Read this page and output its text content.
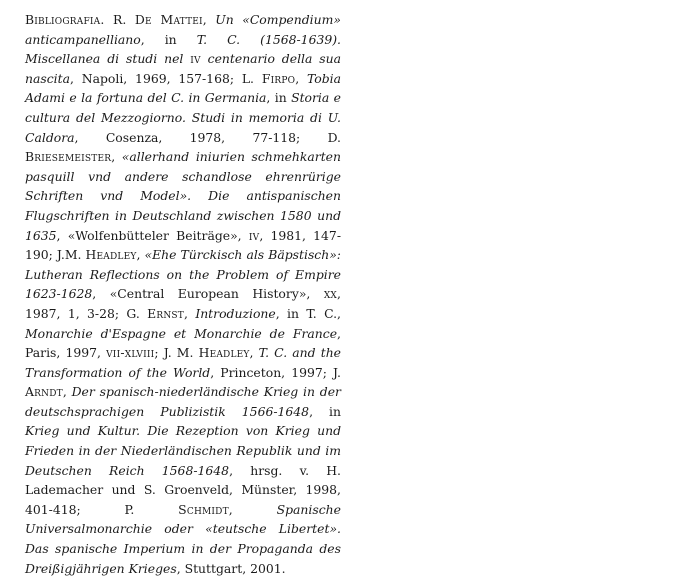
Bibliografia. R. De Mattei, Un «Compendium» anticampanelliano, in T. C. (1568-1639). Miscellanea di studi nel iv centenario della sua nascita, Napoli, 1969, 157-168; L. Firpo, Tobia Adami e la fortuna del C. in Germania, in Storia e cultura del Mezzogiorno. Studi in memoria di U. Caldora, Cosenza, 1978, 77-118; D. Briesemeister, «allerhand iniurien schmehkarten pasquill vnd andere schandlose ehrenrürige Schriften vnd Model». Die antispanischen Flugschriften in Deutschland zwischen 1580 und 1635, «Wolfenbütteler Beiträge», iv, 1981, 147-190; J.M. Headley, «Ehe Türckisch als Bäpstisch»: Lutheran Reflections on the Problem of Empire 1623-1628, «Central European History», xx, 1987, 1, 3-28; G. Ernst, Introduzione, in T. C., Monarchie d'Espagne et Monarchie de France, Paris, 1997, vii-xlviii; J. M. Headley, T. C. and the Transformation of the World, Princeton, 1997; J. Arndt, Der spanisch-niederländische Krieg in der deutschsprachigen Publizistik 1566-1648, in Krieg und Kultur. Die Rezeption von Krieg und Frieden in der Niederländischen Republik und im Deutschen Reich 1568-1648, hrsg. v. H. Lademacher und S. Groenveld, Münster, 1998, 401-418; P. Schmidt, Spanische Universalmonarchie oder «teutsche Libertet». Das spanische Imperium in der Propaganda des Dreißigjährigen Krieges, Stuttgart, 2001.
